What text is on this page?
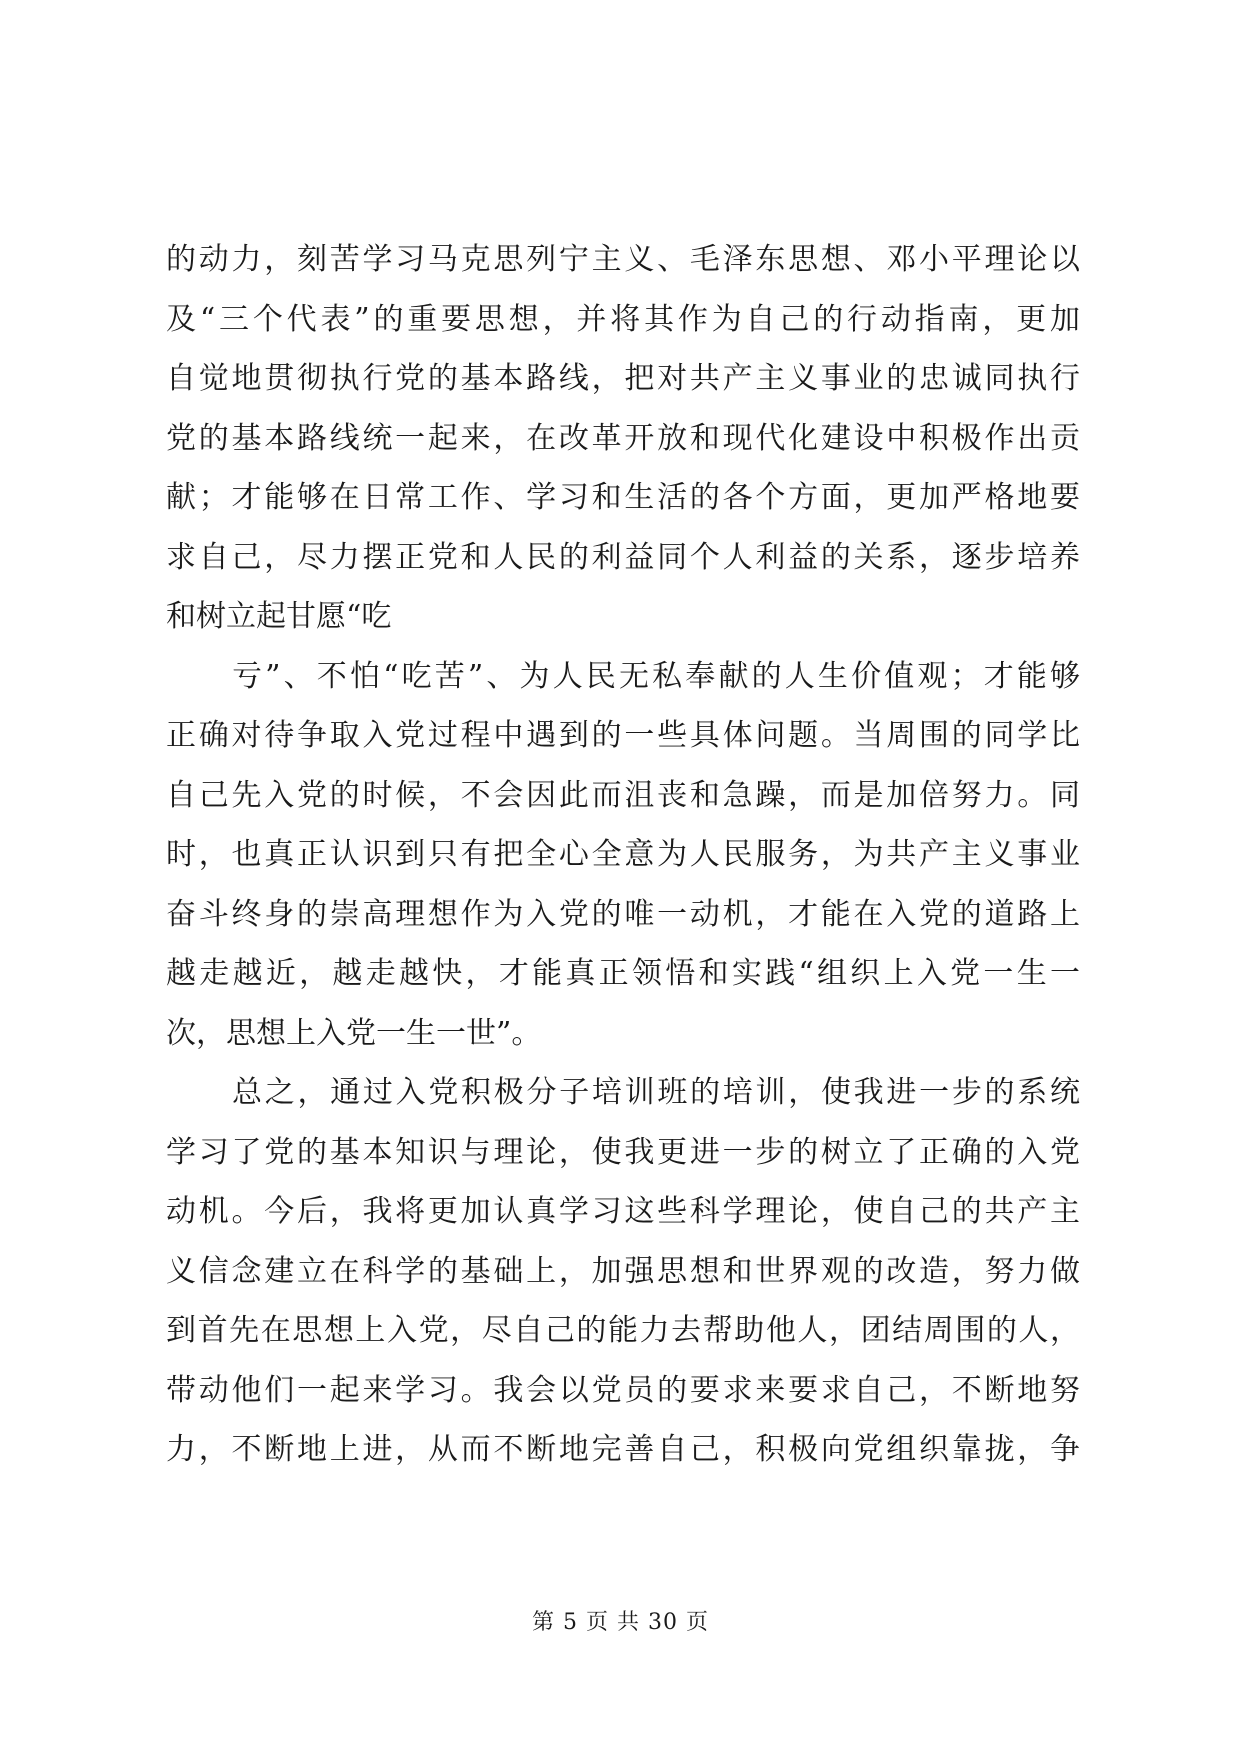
的动力，刻苦学习马克思列宁主义、毛泽东思想、邓小平理论以
及“三个代表”的重要思想，并将其作为自己的行动指南，更加
自觉地贯彻执行党的基本路线，把对共产主义事业的忠诚同执行
党的基本路线统一起来，在改革开放和现代化建设中积极作出贡
献；才能够在日常工作、学习和生活的各个方面，更加严格地要
求自己，尽力摆正党和人民的利益同个人利益的关系，逐步培养
和树立起甘愿“吃
亏”、不怕“吃苦”、为人民无私奉献的人生价值观；才能够
正确对待争取入党过程中遇到的一些具体问题。当周围的同学比
自己先入党的时候，不会因此而沮丧和急躁，而是加倍努力。同
时，也真正认识到只有把全心全意为人民服务，为共产主义事业
奋斗终身的崇高理想作为入党的唯一动机，才能在入党的道路上
越走越近，越走越快，才能真正领悟和实践“组织上入党一生一
次，思想上入党一生一世”。
总之，通过入党积极分子培训班的培训，使我进一步的系统
学习了党的基本知识与理论，使我更进一步的树立了正确的入党
动机。今后，我将更加认真学习这些科学理论，使自己的共产主
义信念建立在科学的基础上，加强思想和世界观的改造，努力做
到首先在思想上入党，尽自己的能力去帮助他人，团结周围的人，
带动他们一起来学习。我会以党员的要求来要求自己，不断地努
力，不断地上进，从而不断地完善自己，积极向党组织靠拢，争
第 5 页 共 30 页
